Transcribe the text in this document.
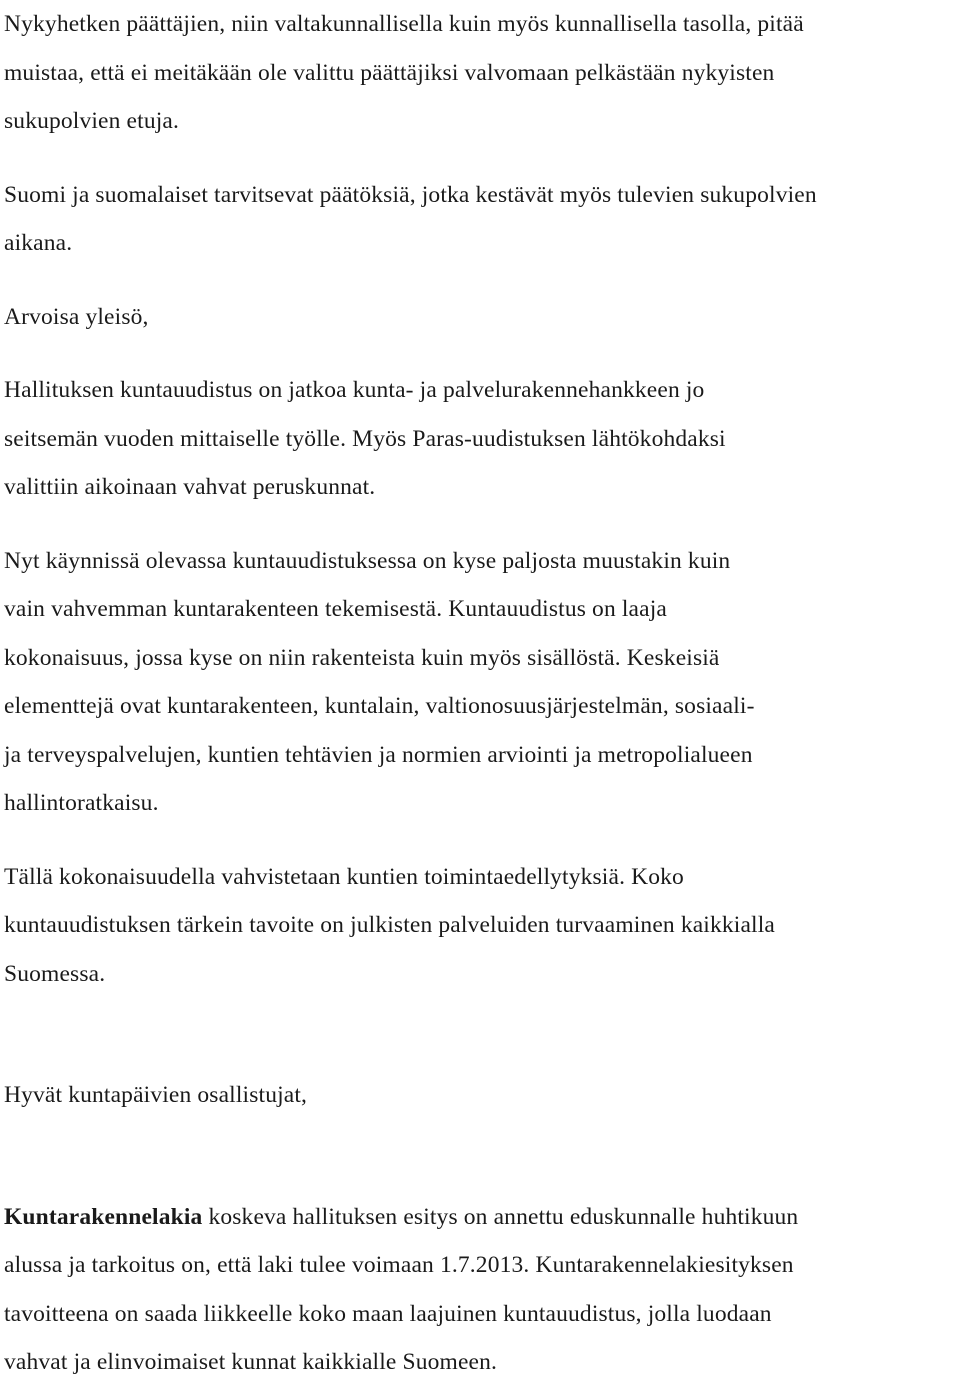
Nykyhetken päättäjien, niin valtakunnallisella kuin myös kunnallisella tasolla, pitää
muistaa, että ei meitäkään ole valittu päättäjiksi valvomaan pelkästään nykyisten
sukupolvien etuja.
Suomi ja suomalaiset tarvitsevat päätöksiä, jotka kestävät myös tulevien sukupolvien
aikana.
Arvoisa yleisö,
Hallituksen kuntauudistus on jatkoa kunta- ja palvelurakennehankkeen jo
seitsemän vuoden mittaiselle työlle. Myös Paras-uudistuksen lähtökohdaksi
valittiin aikoinaan vahvat peruskunnat.
Nyt käynnissä olevassa kuntauudistuksessa on kyse paljosta muustakin kuin
vain vahvemman kuntarakenteen tekemisestä. Kuntauudistus on laaja
kokonaisuus, jossa kyse on niin rakenteista kuin myös sisällöstä. Keskeisiä
elementtejä ovat kuntarakenteen, kuntalain, valtionosuusjärjestelmän, sosiaali-
ja terveyspalvelujen, kuntien tehtävien ja normien arviointi ja metropolialueen
hallintoratkaisu.
Tällä kokonaisuudella vahvistetaan kuntien toimintaedellytyksiä. Koko
kuntauudistuksen tärkein tavoite on julkisten palveluiden turvaaminen kaikkialla
Suomessa.
Hyvät kuntapäivien osallistujat,
Kuntarakennelakia koskeva hallituksen esitys on annettu eduskunnalle huhtikuun
alussa ja tarkoitus on, että laki tulee voimaan 1.7.2013. Kuntarakennelakiesityksen
tavoitteena on saada liikkeelle koko maan laajuinen kuntauudistus, jolla luodaan
vahvat ja elinvoimaiset kunnat kaikkialle Suomeen.
